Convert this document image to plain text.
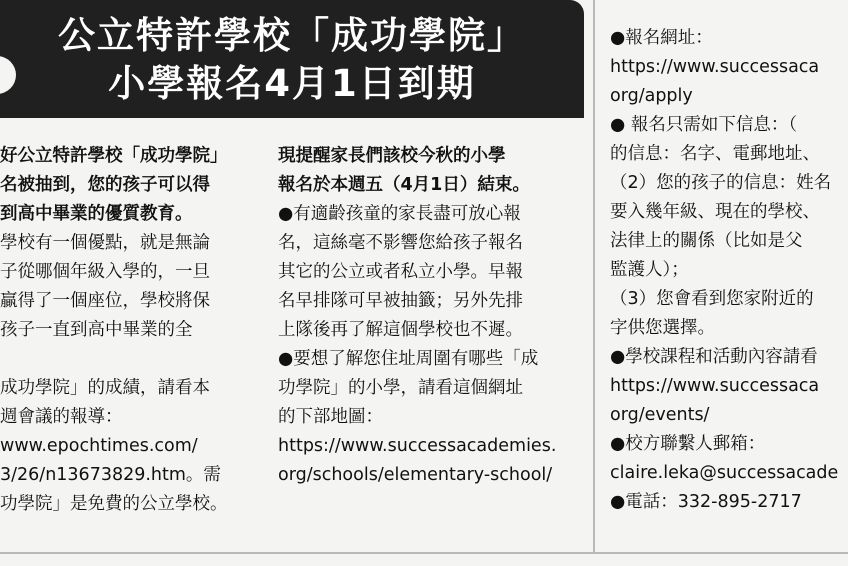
公立特許學校「成功學院」
小學報名4月1日到期
好公立特許學校「成功學院」
名被抽到，您的孩子可以得
到高中畢業的優質教育。
學校有一個優點，就是無論
子從哪個年級入學的，一旦
贏得了一個座位，學校將保
孩子一直到高中畢業的全
成功學院」的成績，請看本
週會議的報導：
www.epochtimes.com/
3/26/n13673829.htm。需
功學院」是免費的公立學校。
現提醒家長們該校今秋的小學
報名於本週五（4月1日）結束。
●有適齡孩童的家長盡可放心報
名，這絲毫不影響您給孩子報名
其它的公立或者私立小學。早報
名早排隊可早被抽籤；另外先排
上隊後再了解這個學校也不遲。
●要想了解您住址周圍有哪些「成
功學院」的小學，請看這個網址
的下部地圖：
https://www.successacademies.
org/schools/elementary-school/
●報名網址：
https://www.successaca
org/apply
● 報名只需如下信息：（
的信息：名字、電郵地址、
（2）您的孩子的信息：姓名
要入幾年級、現在的學校、
法律上的關係（比如是父
監護人）；
（3）您會看到您家附近的
字供您選擇。
●學校課程和活動內容請看
https://www.successaca
org/events/
●校方聯繫人郵箱：
claire.leka@successacade
●電話：332-895-2717
